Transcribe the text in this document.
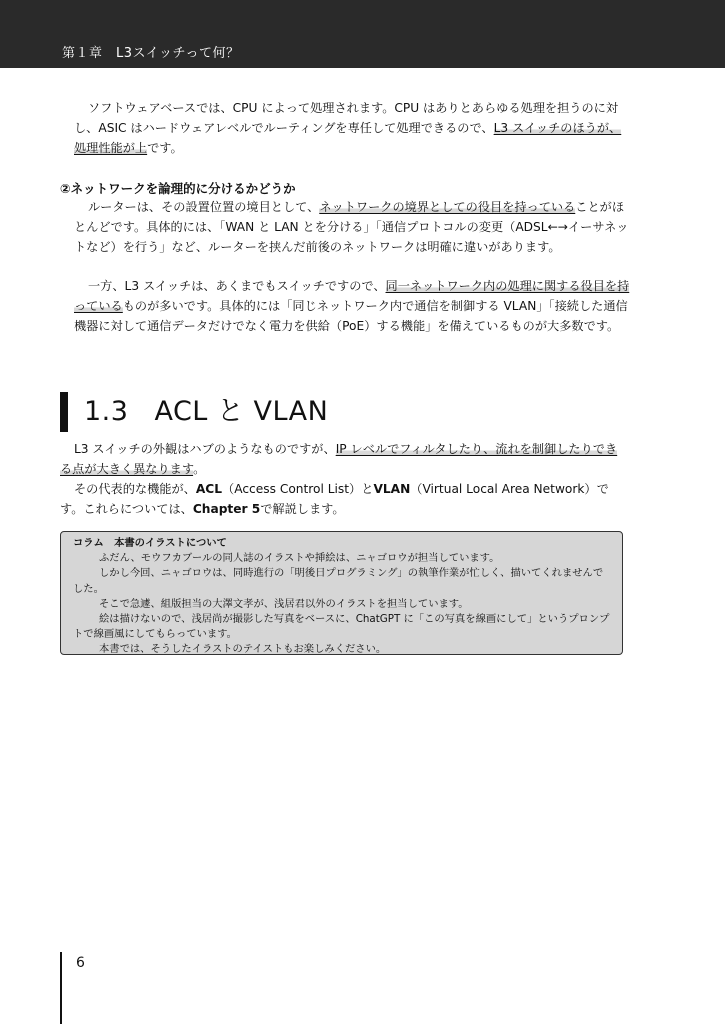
第１章　L3スイッチって何？
ソフトウェアベースでは、CPU によって処理されます。CPU はありとあらゆる処理を担うのに対し、ASIC はハードウェアレベルでルーティングを専任して処理できるので、L3 スイッチのほうが、処理性能が上です。
②ネットワークを論理的に分けるかどうか
ルーターは、その設置位置の境目として、ネットワークの境界としての役目を持っていることがほとんどです。具体的には、「WAN と LAN とを分ける」「通信プロトコルの変更（ADSL←→イーサネットなど）を行う」など、ルーターを挟んだ前後のネットワークは明確に違いがあります。
一方、L3 スイッチは、あくまでもスイッチですので、同一ネットワーク内の処理に関する役目を持っているものが多いです。具体的には「同じネットワーク内で通信を制御する VLAN」「接続した通信機器に対して通信データだけでなく電力を供給（PoE）する機能」を備えているものが大多数です。
1.3 ACL と VLAN
L3 スイッチの外観はハブのようなものですが、IP レベルでフィルタしたり、流れを制御したりできる点が大きく異なります。
その代表的な機能が、ACL（Access Control List）とVLAN（Virtual Local Area Network）です。これらについては、Chapter 5で解説します。
コラム　本書のイラストについて
ふだん、モウフカブールの同人誌のイラストや挿絵は、ニャゴロウが担当しています。
しかし今回、ニャゴロウは、同時進行の「明後日プログラミング」の執筆作業が忙しく、描いてくれませんでした。
そこで急遽、組版担当の大澤文孝が、浅居君以外のイラストを担当しています。
絵は描けないので、浅居尚が撮影した写真をベースに、ChatGPT に「この写真を線画にして」というプロンプトで線画風にしてもらっています。
本書では、そうしたイラストのテイストもお楽しみください。
6
